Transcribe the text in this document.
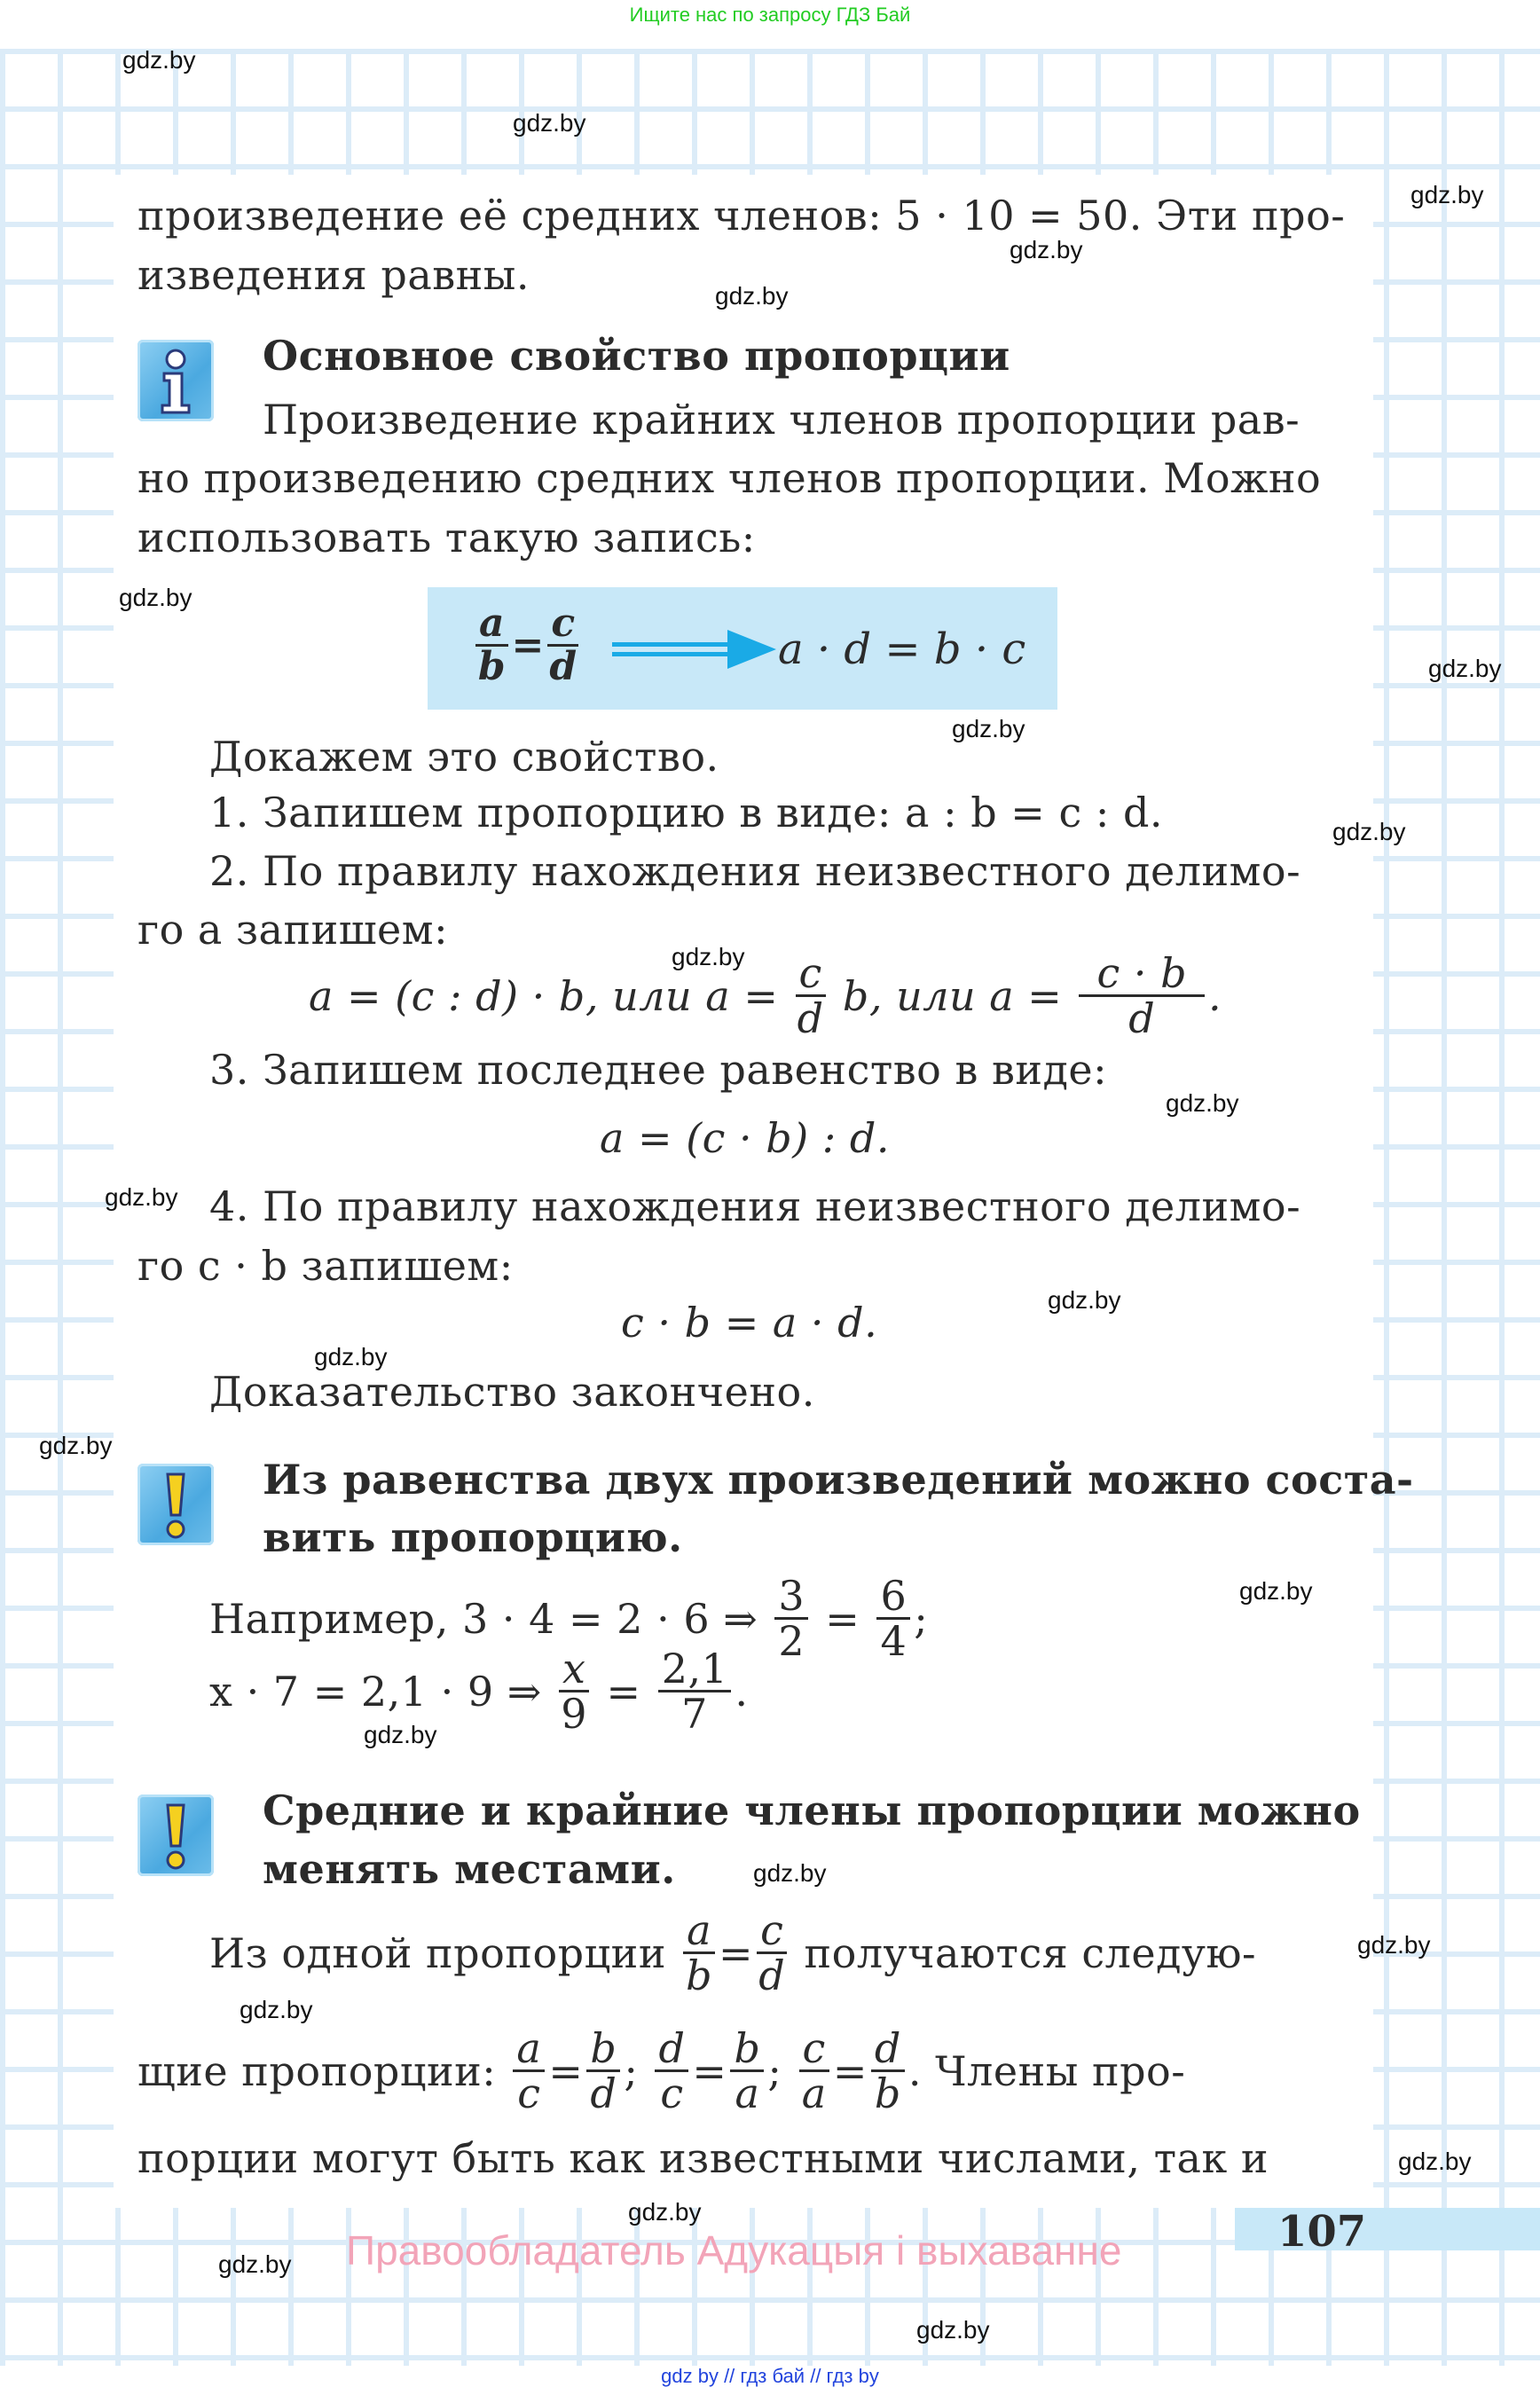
Ищите нас по запросу ГДЗ Бай
произведение её средних членов: 5 · 10 = 50. Эти про-
изведения равны.
Основное свойство пропорции
Произведение крайних членов пропорции рав-
но произведению средних членов пропорции. Можно
использовать такую запись:
$\frac{a}{b} = \frac{c}{d}$	a · d = b · c
Докажем это свойство.
1. Запишем пропорцию в виде: a : b = c : d.
2. По правилу нахождения неизвестного делимо-
го a запишем:
a = (c : d) · b, или $a = \frac{c}{d} b$, или $a = \frac{c \cdot b}{d}$ .
3. Запишем последнее равенство в виде:
a = (c · b) : d.
4. По правилу нахождения неизвестного делимо-
го c · b запишем:
c · b = a · d.
Доказательство закончено.
Из равенства двух произведений можно соста-
вить пропорцию.
Например, 3 · 4 = 2 · 6 ⇒ $\frac{3}{2} = \frac{6}{4}$ ;
x · 7 = 2,1 · 9 ⇒ $\frac{x}{9} = \frac{2,1}{7}$ .
Средние и крайние члены пропорции можно
менять местами.
Из одной пропорции $\frac{a}{b} = \frac{c}{d}$ получаются следую-
щие пропорции: $\frac{a}{c} = \frac{b}{d}$ ; $\frac{d}{c} = \frac{b}{a}$ ; $\frac{c}{a} = \frac{d}{b}$ . Члены про-
порции могут быть как известными числами, так и
107
Правообладатель Адукацыя і выхаванне
gdz by // гдз бай // гдз by
gdz.by
gdz.by
gdz.by
gdz.by
gdz.by
gdz.by
gdz.by
gdz.by
gdz.by
gdz.by
gdz.by
gdz.by
gdz.by
gdz.by
gdz.by
gdz.by
gdz.by
gdz.by
gdz.by
gdz.by
gdz.by
gdz.by
gdz.by
gdz.by
